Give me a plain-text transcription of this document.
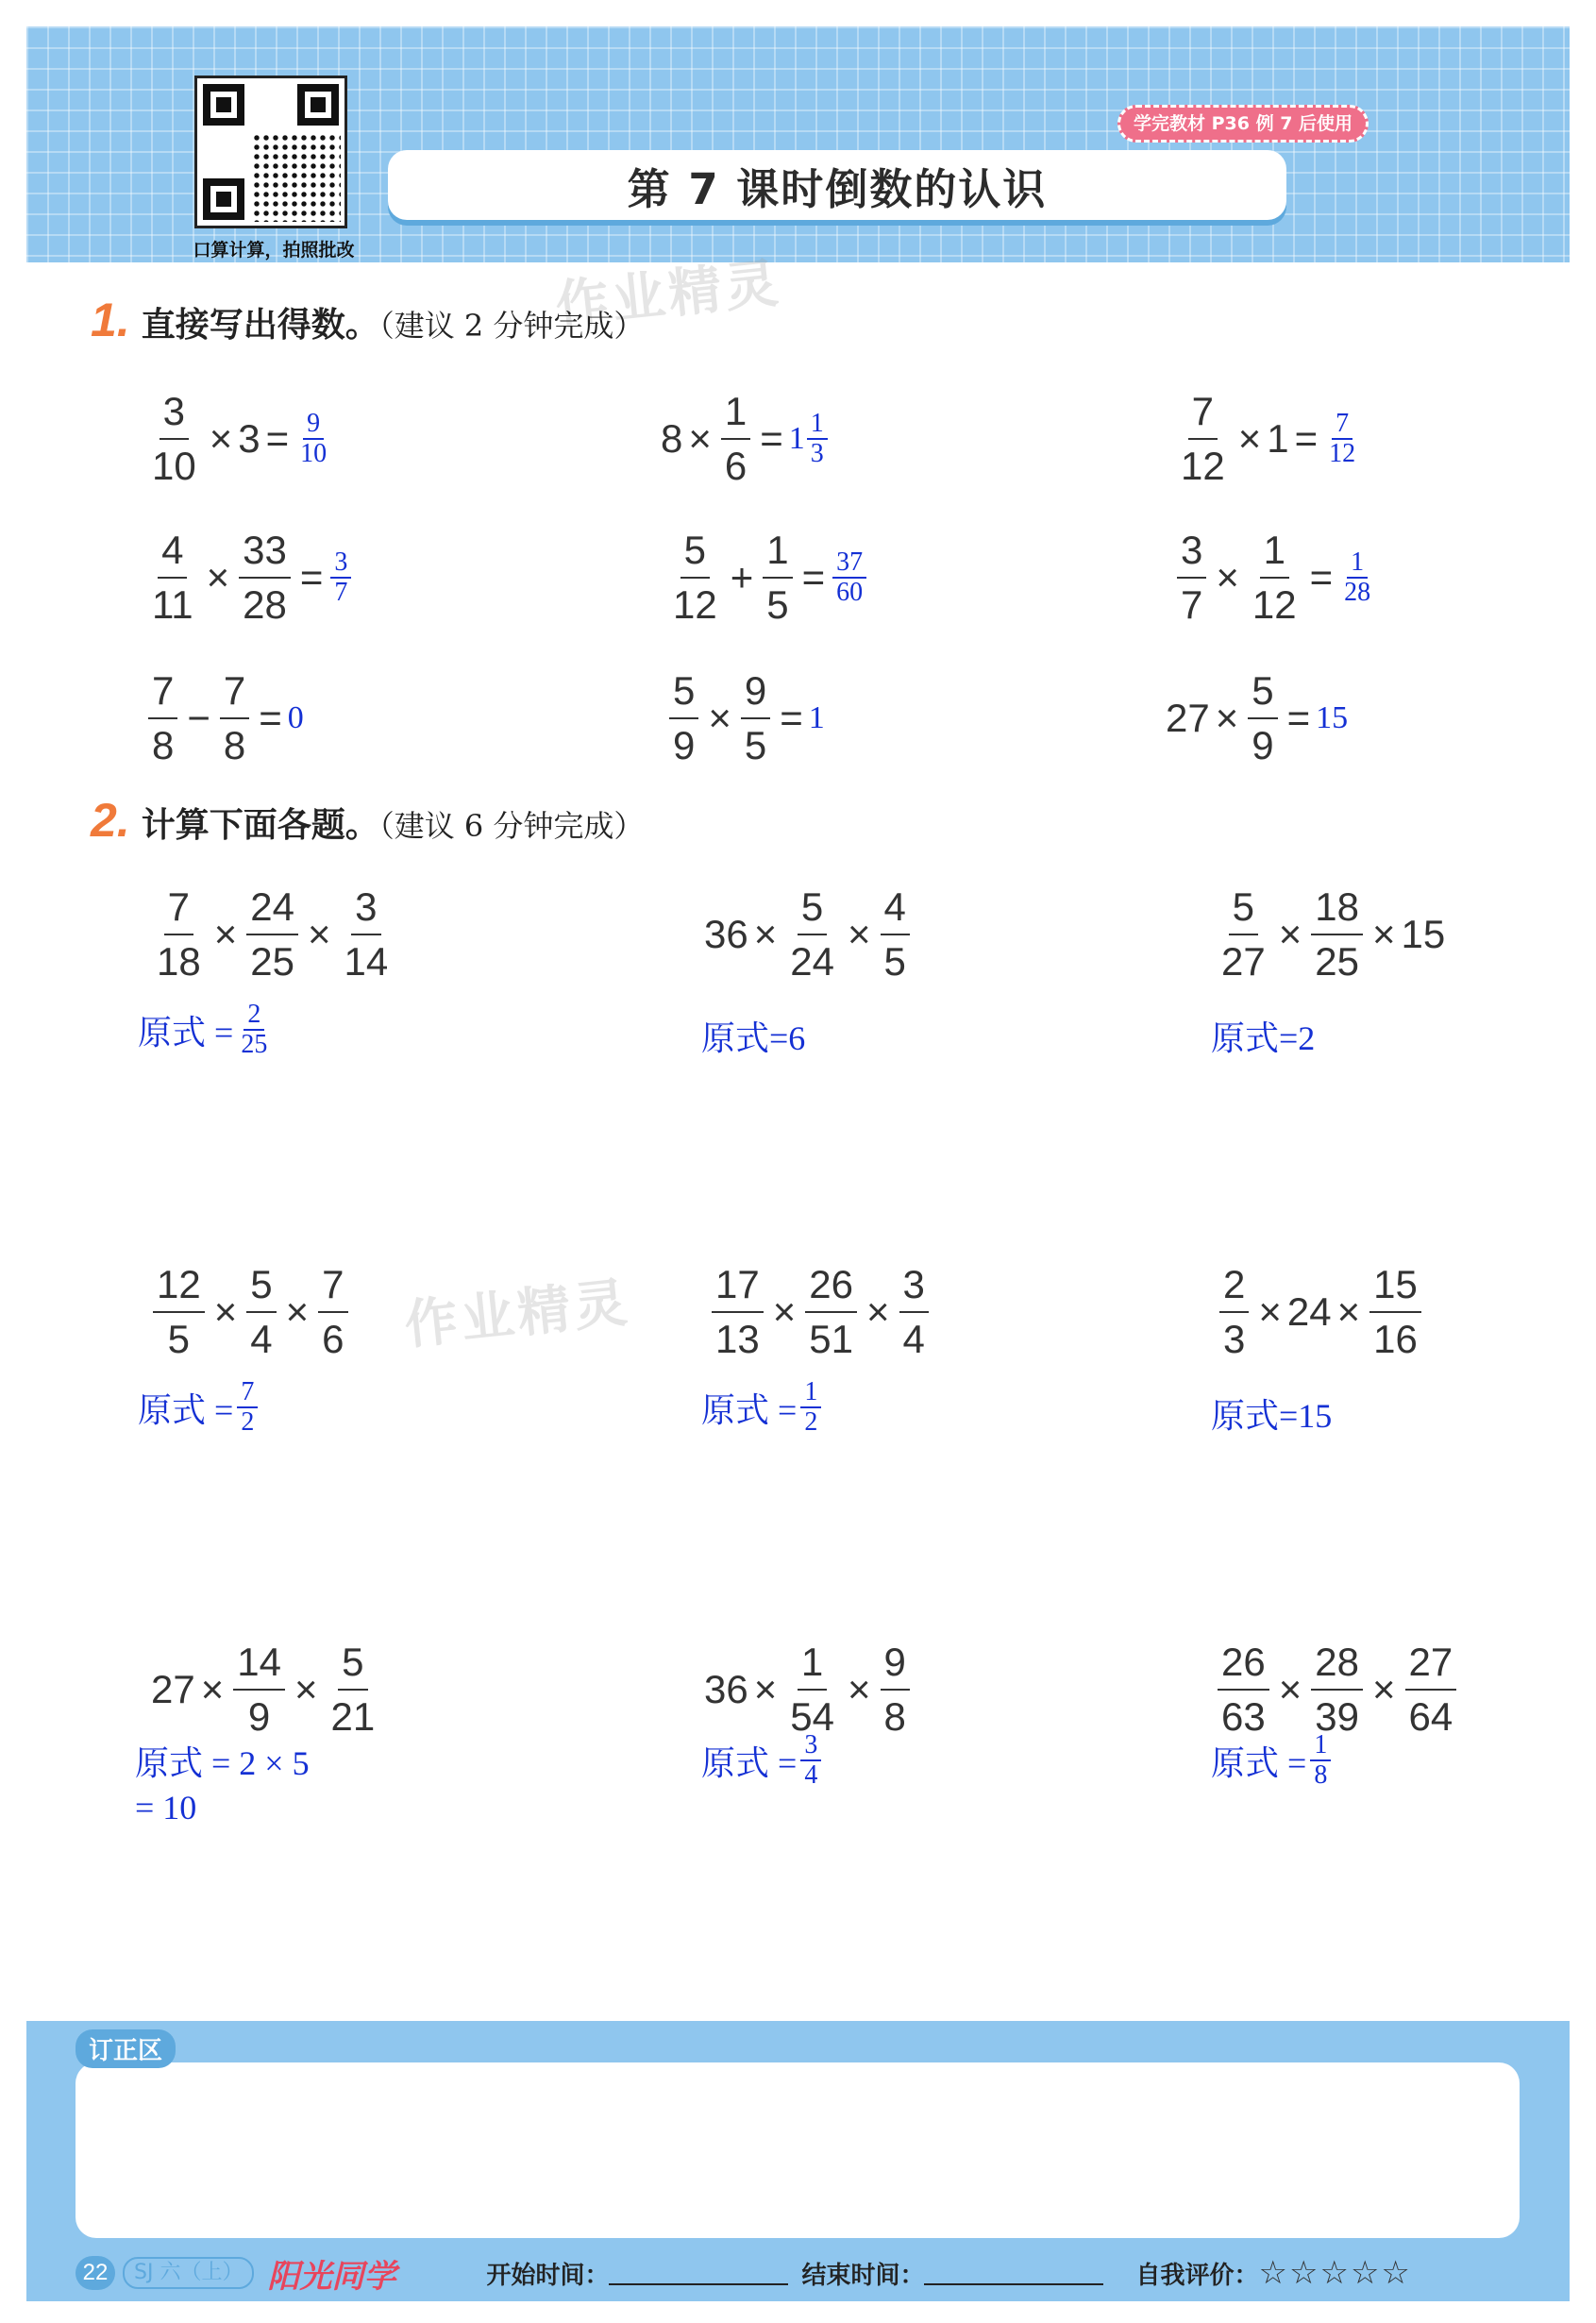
口算计算，拍照批改
学完教材 P36 例 7 后使用
第 7 课时 倒数的认识
作业精灵
作业精灵
1. 直接写出得数。（建议 2 分钟完成）
$\frac{3}{10} \times 3 = \frac{9}{10}$	$8 \times \frac{1}{6} = 1 \frac{1}{3}$	$\frac{7}{12} \times 1 = \frac{7}{12}$
$\frac{4}{11} \times \frac{33}{28} = \frac{3}{7}$	$\frac{5}{12} + \frac{1}{5} = \frac{37}{60}$	$\frac{3}{7} \times \frac{1}{12} = \frac{1}{28}$
$\frac{7}{8} - \frac{7}{8} = 0$	$\frac{5}{9} \times \frac{9}{5} = 1$	$27 \times \frac{5}{9} = 15$
2. 计算下面各题。（建议 6 分钟完成）
$\frac{7}{18} \times \frac{24}{25} \times \frac{3}{14}$
原式 = $\frac{2}{25}$
$36 \times \frac{5}{24} \times \frac{4}{5}$
原式=6
$\frac{5}{27} \times \frac{18}{25} \times 15$
原式=2
$\frac{12}{5} \times \frac{5}{4} \times \frac{7}{6}$
原式 = $\frac{7}{2}$
$\frac{17}{13} \times \frac{26}{51} \times \frac{3}{4}$
原式 = $\frac{1}{2}$
$\frac{2}{3} \times 24 \times \frac{15}{16}$
原式=15
$27 \times \frac{14}{9} \times \frac{5}{21}$
原式 = 2 × 5
= 10
$36 \times \frac{1}{54} \times \frac{9}{8}$
原式 = $\frac{3}{4}$
$\frac{26}{63} \times \frac{28}{39} \times \frac{27}{64}$
原式 = $\frac{1}{8}$
订正区
22	SJ 六（上） 阳光同学	开始时间：	结束时间：	自我评价： ☆☆☆☆☆
